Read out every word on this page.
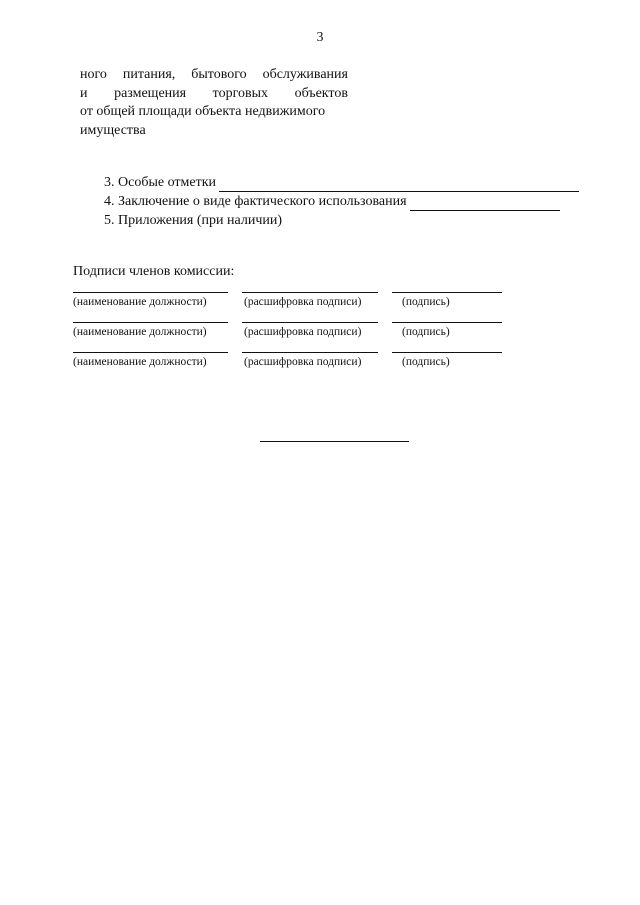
3
ного питания, бытового обслуживания
и размещения торговых объектов
от общей площади объекта недвижимого
имущества
3. Особые отметки
4. Заключение о виде фактического использования
5. Приложения (при наличии)
Подписи членов комиссии:
(наименование должности)	(расшифровка подписи)	(подпись)
(наименование должности)	(расшифровка подписи)	(подпись)
(наименование должности)	(расшифровка подписи)	(подпись)
